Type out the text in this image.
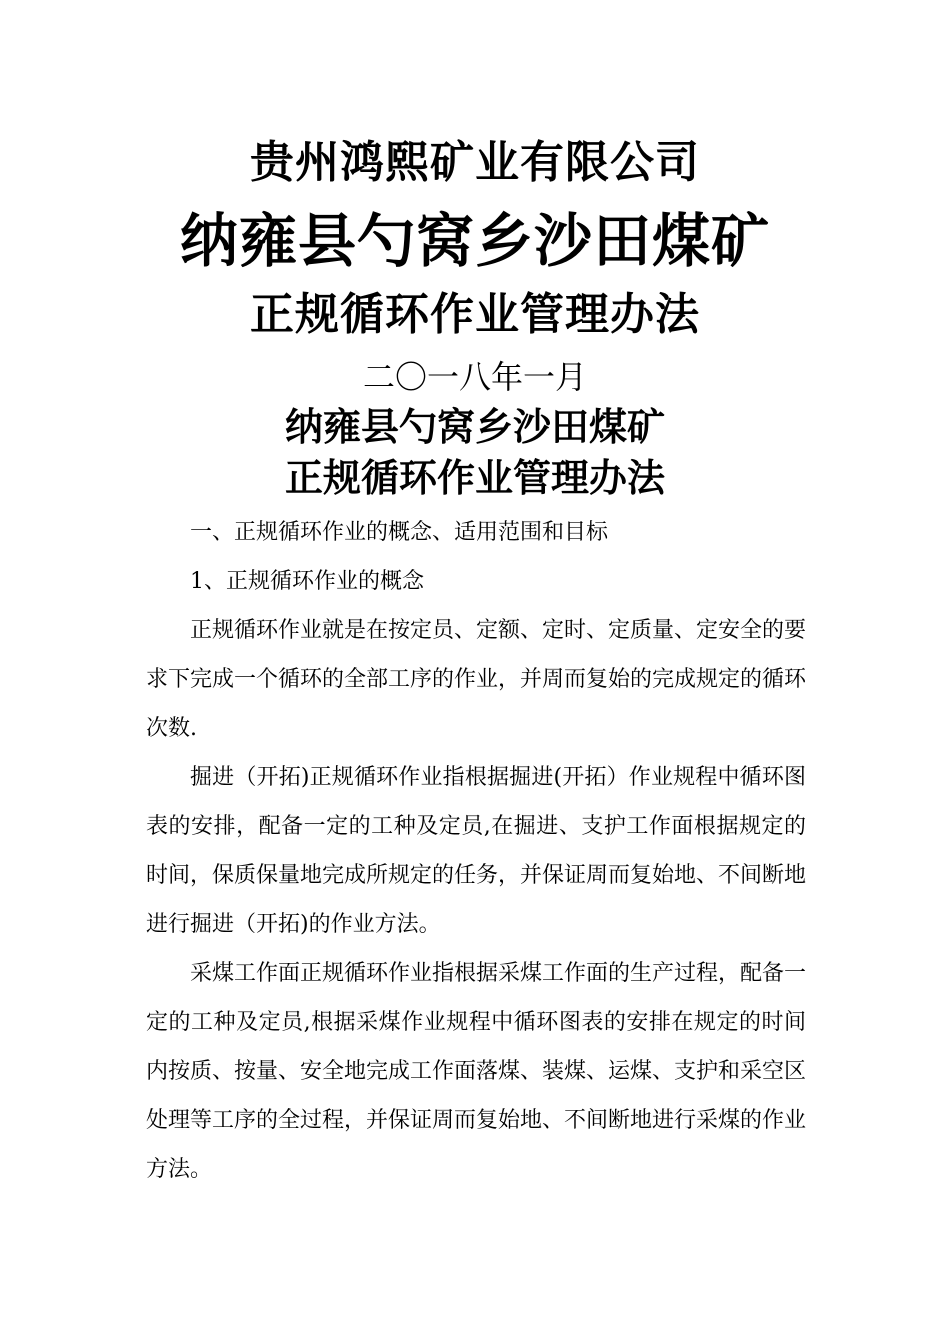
贵州鸿熙矿业有限公司
纳雍县勺窝乡沙田煤矿
正规循环作业管理办法
二〇一八年一月
纳雍县勺窝乡沙田煤矿
正规循环作业管理办法

一、正规循环作业的概念、适用范围和目标

1、正规循环作业的概念

正规循环作业就是在按定员、定额、定时、定质量、定安全的要求下完成一个循环的全部工序的作业，并周而复始的完成规定的循环次数.

掘进（开拓)正规循环作业指根据掘进(开拓）作业规程中循环图表的安排，配备一定的工种及定员,在掘进、支护工作面根据规定的时间，保质保量地完成所规定的任务，并保证周而复始地、不间断地进行掘进（开拓)的作业方法。

采煤工作面正规循环作业指根据采煤工作面的生产过程，配备一定的工种及定员,根据采煤作业规程中循环图表的安排在规定的时间内按质、按量、安全地完成工作面落煤、装煤、运煤、支护和采空区处理等工序的全过程，并保证周而复始地、不间断地进行采煤的作业方法。
